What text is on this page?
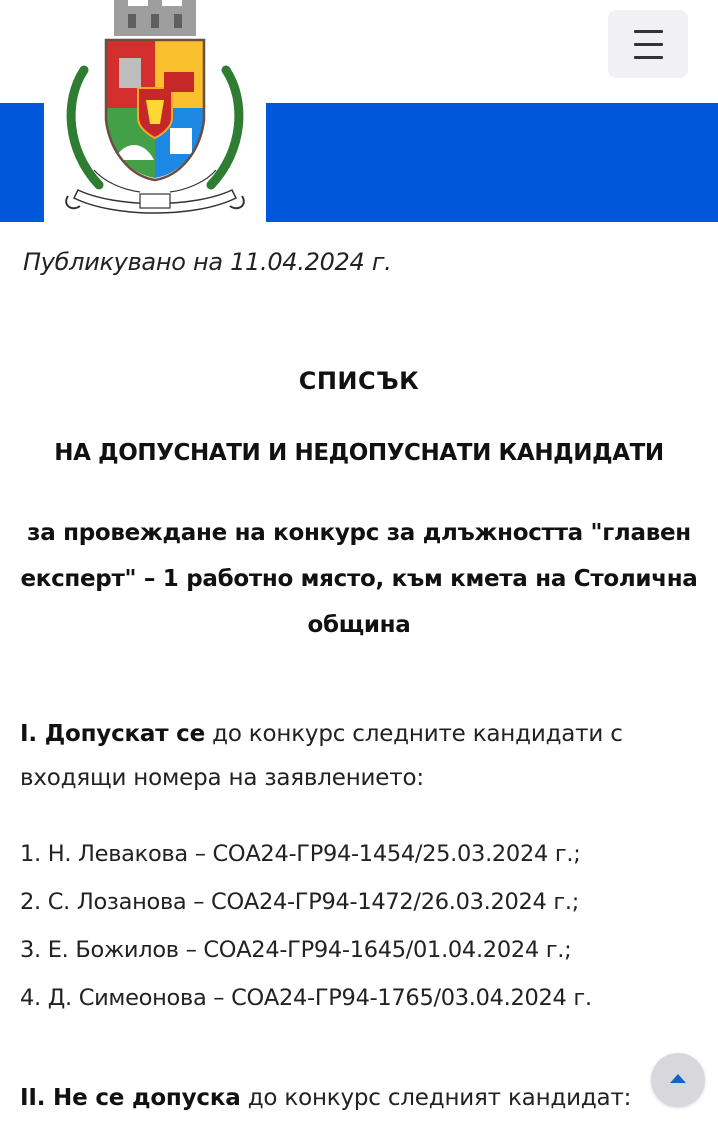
Публикувано на 11.04.2024 г.
СПИСЪК
НА ДОПУСНАТИ И НЕДОПУСНАТИ КАНДИДАТИ
за провеждане на конкурс за длъжността "главен експерт" – 1 работно място, към кмета на Столична община
I. Допускат се до конкурс следните кандидати с входящи номера на заявлението:
1. Н. Левакова – СОА24-ГР94-1454/25.03.2024 г.;
2. С. Лозанова – СОА24-ГР94-1472/26.03.2024 г.;
3. Е. Божилов – СОА24-ГР94-1645/01.04.2024 г.;
4. Д. Симеонова – СОА24-ГР94-1765/03.04.2024 г.
II. Не се допуска до конкурс следният кандидат:
